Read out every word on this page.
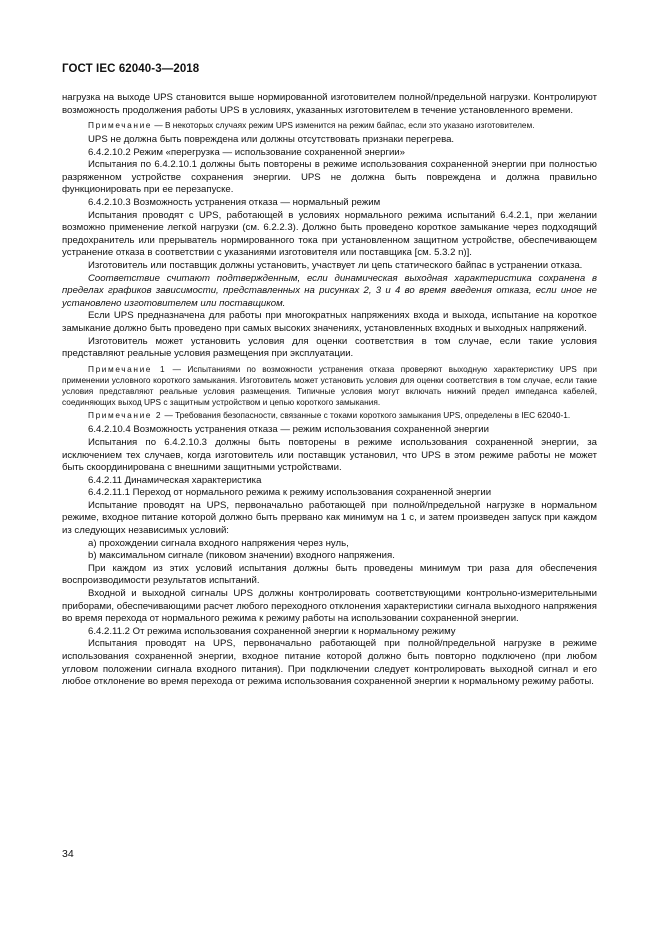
ГОСТ IEC 62040-3—2018

нагрузка на выходе UPS становится выше нормированной изготовителем полной/предельной нагрузки. Контролируют возможность продолжения работы UPS в условиях, указанных изготовителем в течение установленного времени.

Примечание — В некоторых случаях режим UPS изменится на режим байпас, если это указано изготовителем.

UPS не должна быть повреждена или должны отсутствовать признаки перегрева.

6.4.2.10.2 Режим «перегрузка — использование сохраненной энергии»

Испытания по 6.4.2.10.1 должны быть повторены в режиме использования сохраненной энергии при полностью разряженном устройстве сохранения энергии. UPS не должна быть повреждена и должна правильно функционировать при ее перезапуске.

6.4.2.10.3 Возможность устранения отказа — нормальный режим

Испытания проводят с UPS, работающей в условиях нормального режима испытаний 6.4.2.1, при желании возможно применение легкой нагрузки (см. 6.2.2.3). Должно быть проведено короткое замыкание через подходящий предохранитель или прерыватель нормированного тока при установленном защитном устройстве, обеспечивающем устранение отказа в соответствии с указаниями изготовителя или поставщика [см. 5.3.2 n)].

Изготовитель или поставщик должны установить, участвует ли цепь статического байпас в устранении отказа.

Соответствие считают подтвержденным, если динамическая выходная характеристика сохранена в пределах графиков зависимости, представленных на рисунках 2, 3 и 4 во время введения отказа, если иное не установлено изготовителем или поставщиком.

Если UPS предназначена для работы при многократных напряжениях входа и выхода, испытание на короткое замыкание должно быть проведено при самых высоких значениях, установленных входных и выходных напряжений.

Изготовитель может установить условия для оценки соответствия в том случае, если такие условия представляют реальные условия размещения при эксплуатации.

Примечание 1 — Испытаниями по возможности устранения отказа проверяют выходную характеристику UPS при применении условного короткого замыкания. Изготовитель может установить условия для оценки соответствия в том случае, если такие условия представляют реальные условия размещения. Типичные условия могут включать нижний предел импеданса кабелей, соединяющих выход UPS с защитным устройством и цепью короткого замыкания.

Примечание 2 — Требования безопасности, связанные с токами короткого замыкания UPS, определены в IEC 62040-1.

6.4.2.10.4 Возможность устранения отказа — режим использования сохраненной энергии

Испытания по 6.4.2.10.3 должны быть повторены в режиме использования сохраненной энергии, за исключением тех случаев, когда изготовитель или поставщик установил, что UPS в этом режиме работы не может быть скоординирована с внешними защитными устройствами.

6.4.2.11 Динамическая характеристика

6.4.2.11.1 Переход от нормального режима к режиму использования сохраненной энергии

Испытание проводят на UPS, первоначально работающей при полной/предельной нагрузке в нормальном режиме, входное питание которой должно быть прервано как минимум на 1 с, и затем произведен запуск при каждом из следующих независимых условий:

a) прохождении сигнала входного напряжения через нуль,

b) максимальном сигнале (пиковом значении) входного напряжения.

При каждом из этих условий испытания должны быть проведены минимум три раза для обеспечения воспроизводимости результатов испытаний.

Входной и выходной сигналы UPS должны контролировать соответствующими контрольно-измерительными приборами, обеспечивающими расчет любого переходного отклонения характеристики сигнала выходного напряжения во время перехода от нормального режима к режиму работы на использовании сохраненной энергии.

6.4.2.11.2 От режима использования сохраненной энергии к нормальному режиму

Испытания проводят на UPS, первоначально работающей при полной/предельной нагрузке в режиме использования сохраненной энергии, входное питание которой должно быть повторно подключено (при любом угловом положении сигнала входного питания). При подключении следует контролировать выходной сигнал и его любое отклонение во время перехода от режима использования сохраненной энергии к нормальному режиму работы.

34
